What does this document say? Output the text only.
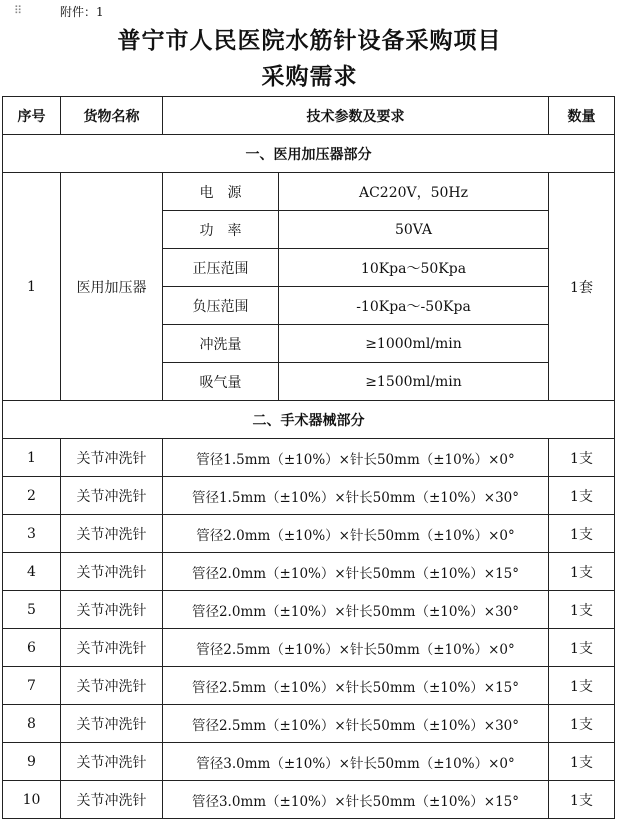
⠿	附件：1
普宁市人民医院水筋针设备采购项目
采购需求
序号	货物名称	技术参数及要求		数量
一、医用加压器部分				
1	医用加压器	电　源	AC220V，50Hz	1套
		功　率	50VA	
		正压范围	10Kpa～50Kpa	
		负压范围	-10Kpa～-50Kpa	
		冲洗量	≥1000ml/min	
		吸气量	≥1500ml/min	
二、手术器械部分				
1	关节冲洗针	管径1.5mm（±10%）×针长50mm（±10%）×0°		1支
2	关节冲洗针	管径1.5mm（±10%）×针长50mm（±10%）×30°		1支
3	关节冲洗针	管径2.0mm（±10%）×针长50mm（±10%）×0°		1支
4	关节冲洗针	管径2.0mm（±10%）×针长50mm（±10%）×15°		1支
5	关节冲洗针	管径2.0mm（±10%）×针长50mm（±10%）×30°		1支
6	关节冲洗针	管径2.5mm（±10%）×针长50mm（±10%）×0°		1支
7	关节冲洗针	管径2.5mm（±10%）×针长50mm（±10%）×15°		1支
8	关节冲洗针	管径2.5mm（±10%）×针长50mm（±10%）×30°		1支
9	关节冲洗针	管径3.0mm（±10%）×针长50mm（±10%）×0°		1支
10	关节冲洗针	管径3.0mm（±10%）×针长50mm（±10%）×15°		1支
